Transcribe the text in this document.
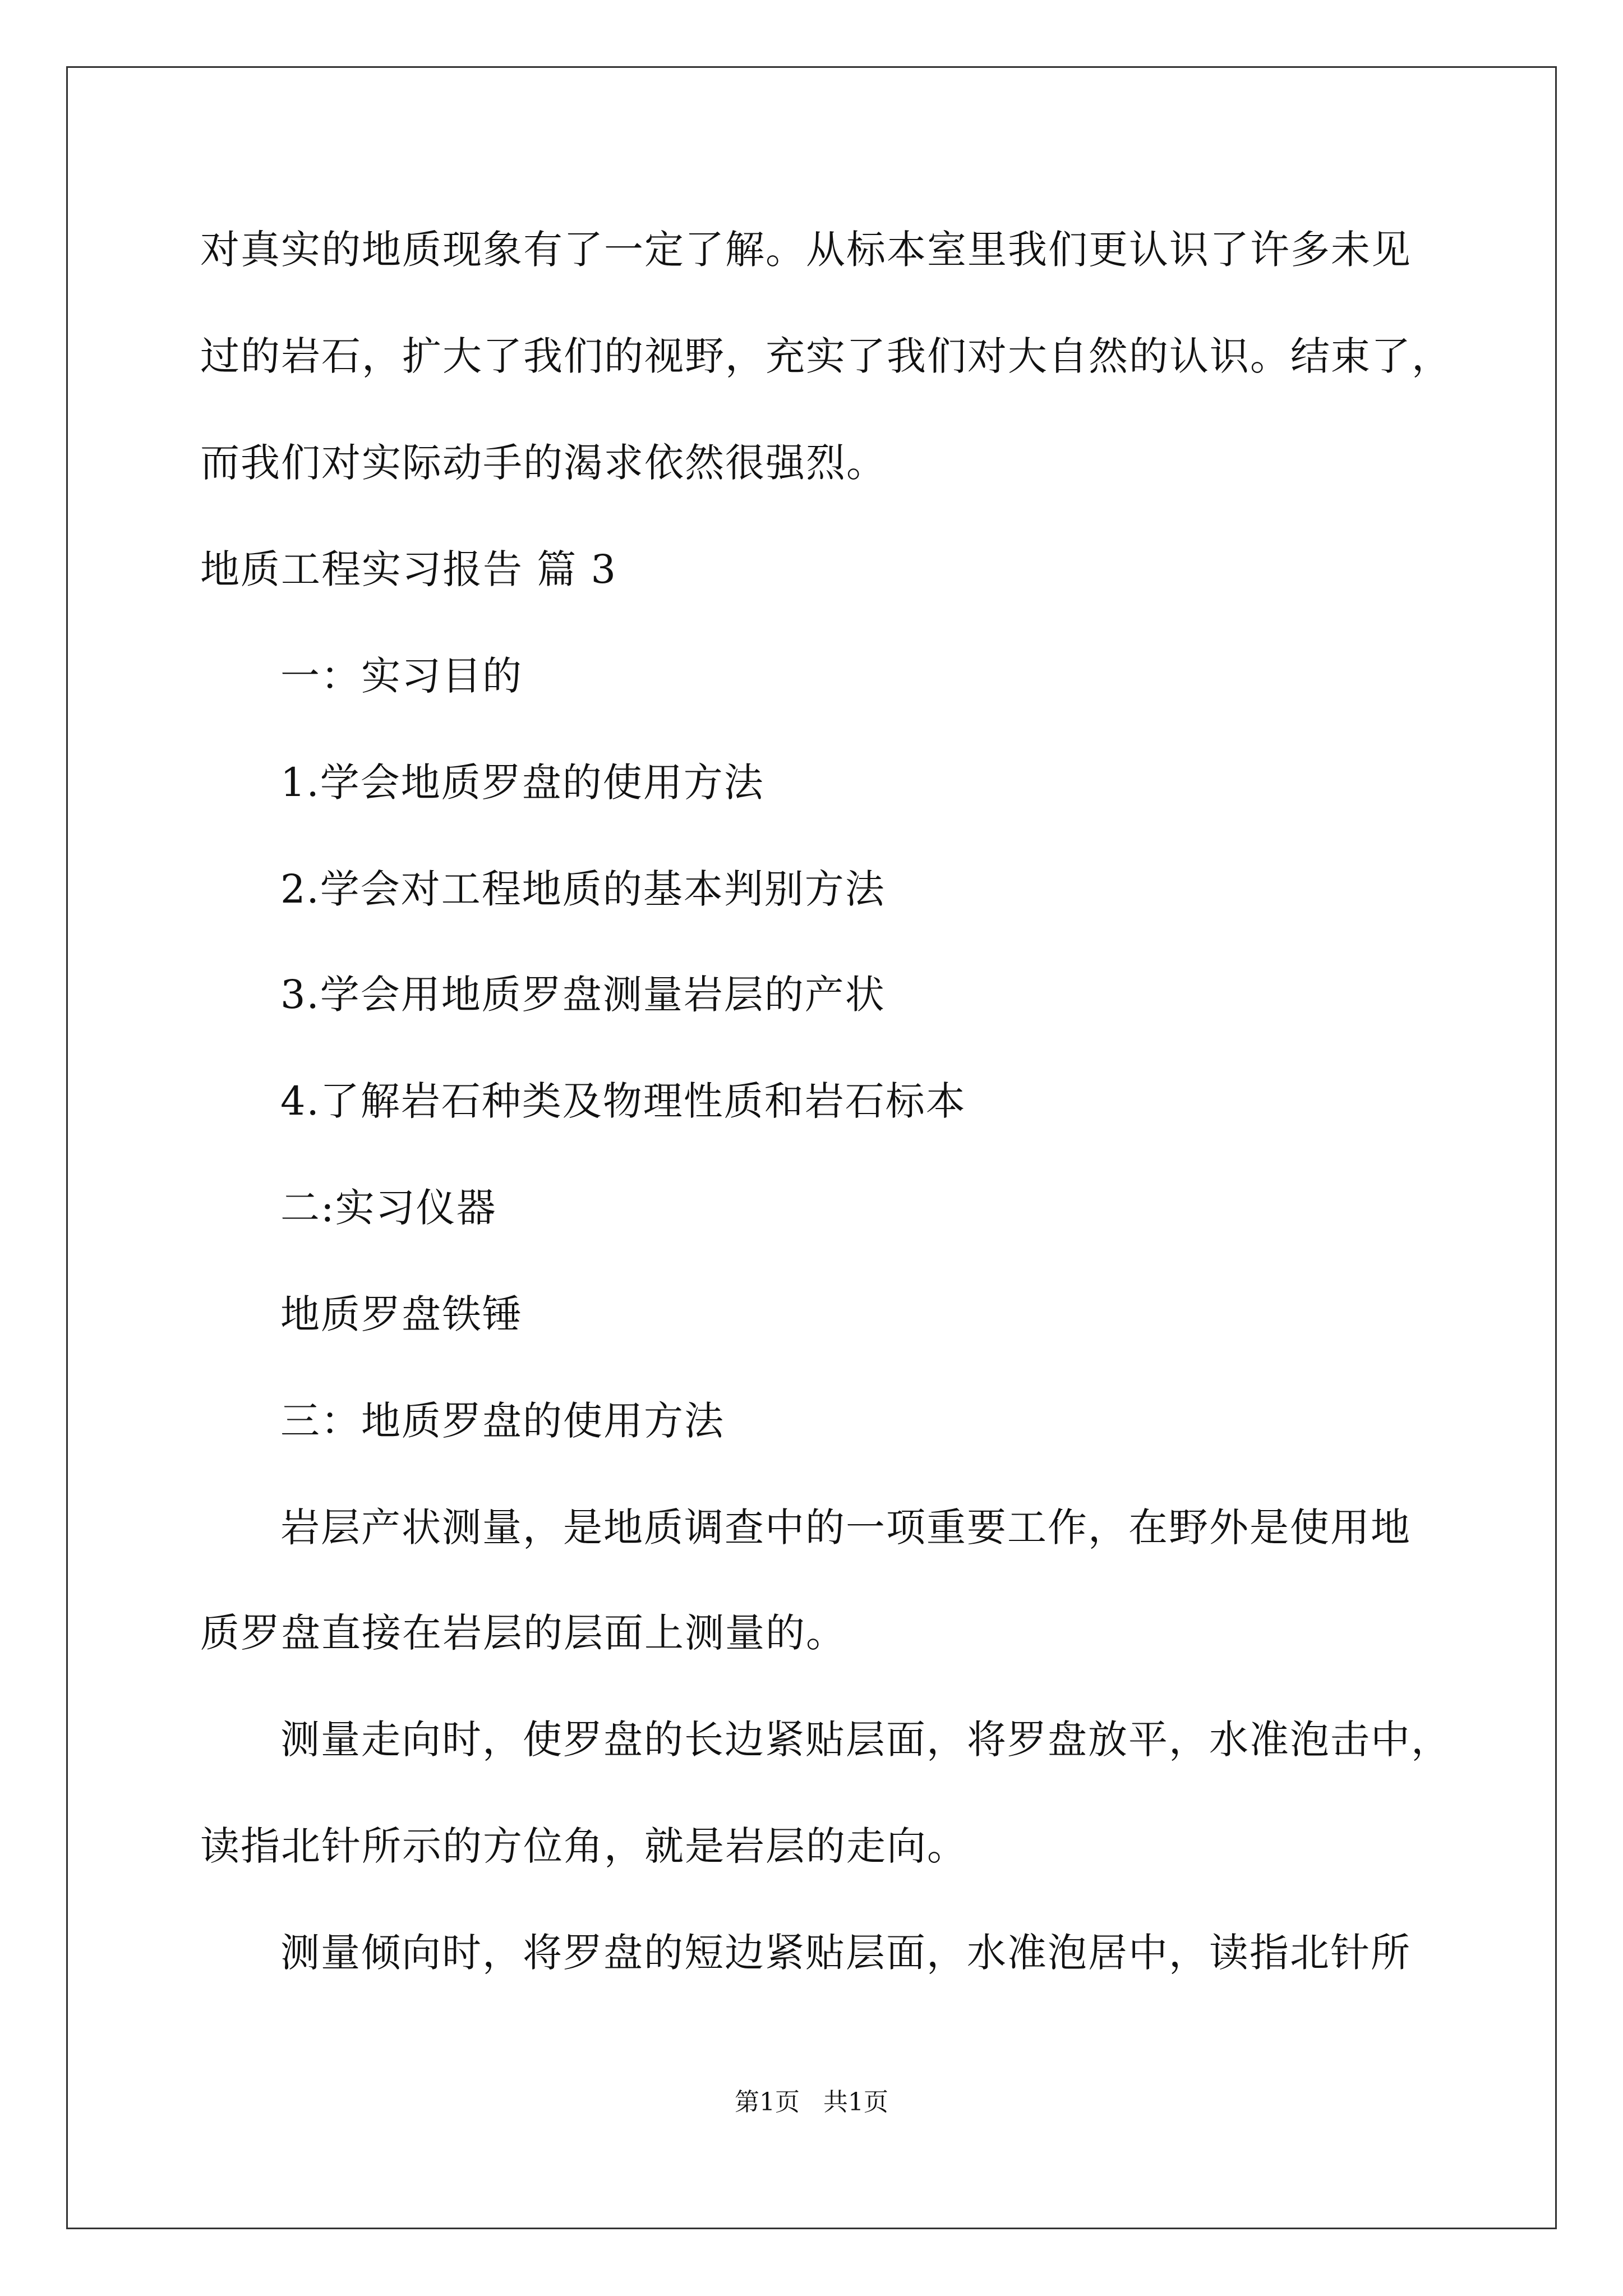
对真实的地质现象有了一定了解。从标本室里我们更认识了许多未见
过的岩石，扩大了我们的视野，充实了我们对大自然的认识。结束了，
而我们对实际动手的渴求依然很强烈。
地质工程实习报告 篇 3
一：实习目的
1.学会地质罗盘的使用方法
2.学会对工程地质的基本判别方法
3.学会用地质罗盘测量岩层的产状
4.了解岩石种类及物理性质和岩石标本
二:实习仪器
地质罗盘铁锤
三：地质罗盘的使用方法
岩层产状测量，是地质调查中的一项重要工作，在野外是使用地
质罗盘直接在岩层的层面上测量的。
测量走向时，使罗盘的长边紧贴层面，将罗盘放平，水准泡击中，
读指北针所示的方位角，就是岩层的走向。
测量倾向时，将罗盘的短边紧贴层面，水准泡居中，读指北针所
第1页   共1页
